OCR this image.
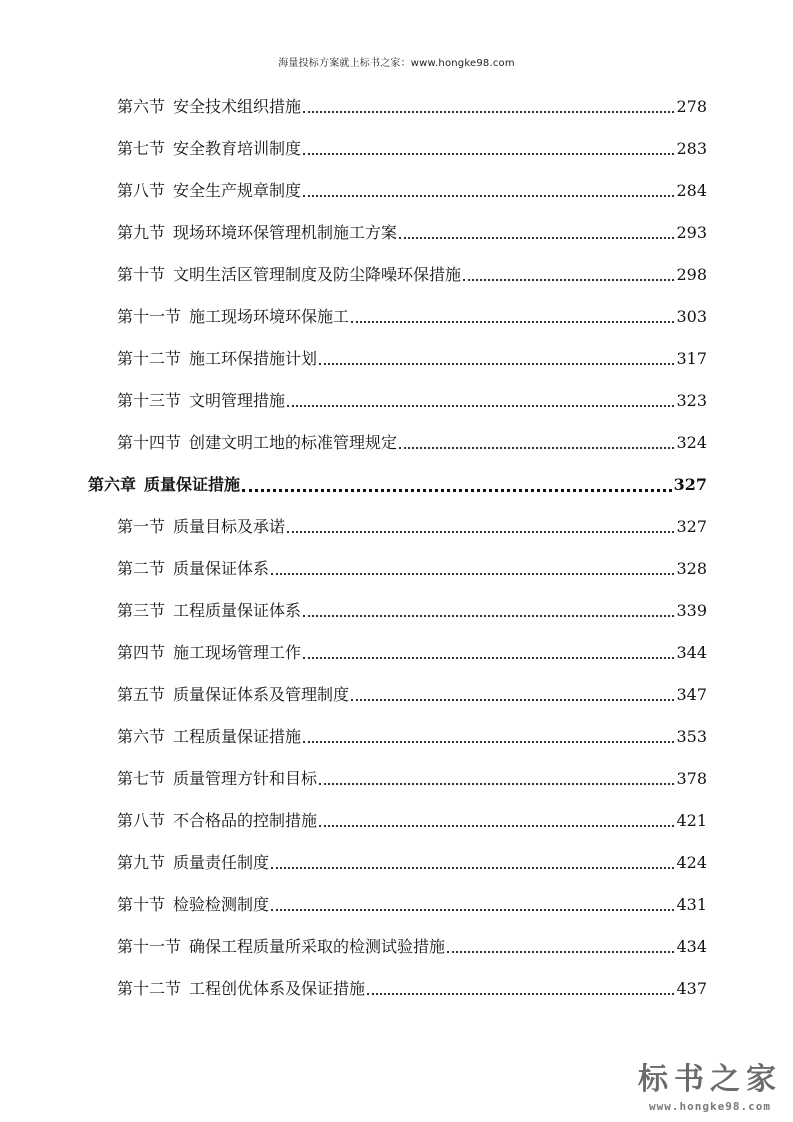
海量投标方案就上标书之家：www.hongke98.com
第六节 安全技术组织措施	278
第七节 安全教育培训制度	283
第八节 安全生产规章制度	284
第九节 现场环境环保管理机制施工方案	293
第十节 文明生活区管理制度及防尘降噪环保措施	298
第十一节 施工现场环境环保施工	303
第十二节 施工环保措施计划	317
第十三节 文明管理措施	323
第十四节 创建文明工地的标准管理规定	324
第六章 质量保证措施	327
第一节 质量目标及承诺	327
第二节 质量保证体系	328
第三节 工程质量保证体系	339
第四节 施工现场管理工作	344
第五节 质量保证体系及管理制度	347
第六节 工程质量保证措施	353
第七节 质量管理方针和目标	378
第八节 不合格品的控制措施	421
第九节 质量责任制度	424
第十节 检验检测制度	431
第十一节 确保工程质量所采取的检测试验措施	434
第十二节 工程创优体系及保证措施	437
标书之家
www.hongke98.com
